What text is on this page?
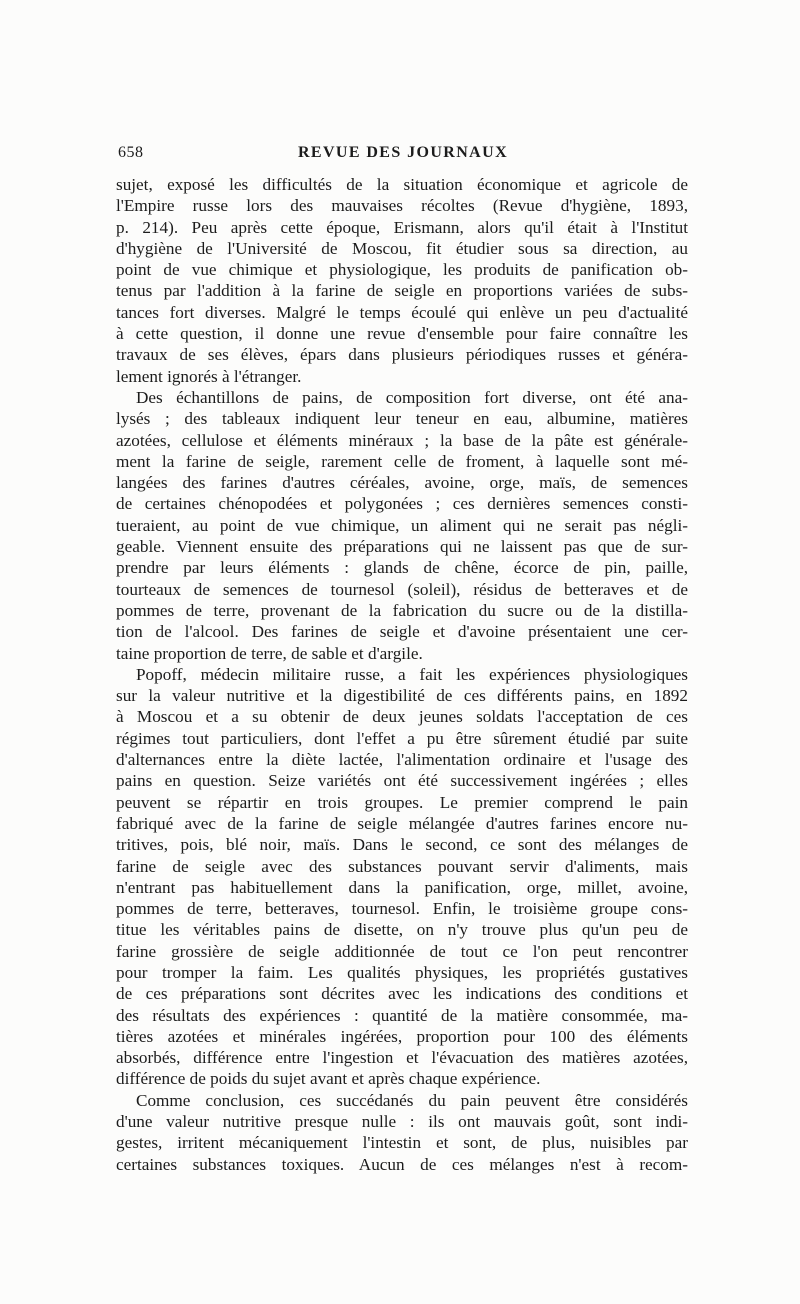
658	REVUE DES JOURNAUX
sujet, exposé les difficultés de la situation économique et agricole de
l'Empire russe lors des mauvaises récoltes (Revue d'hygiène, 1893,
p. 214). Peu après cette époque, Erismann, alors qu'il était à l'Institut
d'hygiène de l'Université de Moscou, fit étudier sous sa direction, au
point de vue chimique et physiologique, les produits de panification ob-
tenus par l'addition à la farine de seigle en proportions variées de subs-
tances fort diverses. Malgré le temps écoulé qui enlève un peu d'actualité
à cette question, il donne une revue d'ensemble pour faire connaître les
travaux de ses élèves, épars dans plusieurs périodiques russes et généra-
lement ignorés à l'étranger.
Des échantillons de pains, de composition fort diverse, ont été ana-
lysés ; des tableaux indiquent leur teneur en eau, albumine, matières
azotées, cellulose et éléments minéraux ; la base de la pâte est générale-
ment la farine de seigle, rarement celle de froment, à laquelle sont mé-
langées des farines d'autres céréales, avoine, orge, maïs, de semences
de certaines chénopodées et polygonées ; ces dernières semences consti-
tueraient, au point de vue chimique, un aliment qui ne serait pas négli-
geable. Viennent ensuite des préparations qui ne laissent pas que de sur-
prendre par leurs éléments : glands de chêne, écorce de pin, paille,
tourteaux de semences de tournesol (soleil), résidus de betteraves et de
pommes de terre, provenant de la fabrication du sucre ou de la distilla-
tion de l'alcool. Des farines de seigle et d'avoine présentaient une cer-
taine proportion de terre, de sable et d'argile.
Popoff, médecin militaire russe, a fait les expériences physiologiques
sur la valeur nutritive et la digestibilité de ces différents pains, en 1892
à Moscou et a su obtenir de deux jeunes soldats l'acceptation de ces
régimes tout particuliers, dont l'effet a pu être sûrement étudié par suite
d'alternances entre la diète lactée, l'alimentation ordinaire et l'usage des
pains en question. Seize variétés ont été successivement ingérées ; elles
peuvent se répartir en trois groupes. Le premier comprend le pain
fabriqué avec de la farine de seigle mélangée d'autres farines encore nu-
tritives, pois, blé noir, maïs. Dans le second, ce sont des mélanges de
farine de seigle avec des substances pouvant servir d'aliments, mais
n'entrant pas habituellement dans la panification, orge, millet, avoine,
pommes de terre, betteraves, tournesol. Enfin, le troisième groupe cons-
titue les véritables pains de disette, on n'y trouve plus qu'un peu de
farine grossière de seigle additionnée de tout ce l'on peut rencontrer
pour tromper la faim. Les qualités physiques, les propriétés gustatives
de ces préparations sont décrites avec les indications des conditions et
des résultats des expériences : quantité de la matière consommée, ma-
tières azotées et minérales ingérées, proportion pour 100 des éléments
absorbés, différence entre l'ingestion et l'évacuation des matières azotées,
différence de poids du sujet avant et après chaque expérience.
Comme conclusion, ces succédanés du pain peuvent être considérés
d'une valeur nutritive presque nulle : ils ont mauvais goût, sont indi-
gestes, irritent mécaniquement l'intestin et sont, de plus, nuisibles par
certaines substances toxiques. Aucun de ces mélanges n'est à recom-
